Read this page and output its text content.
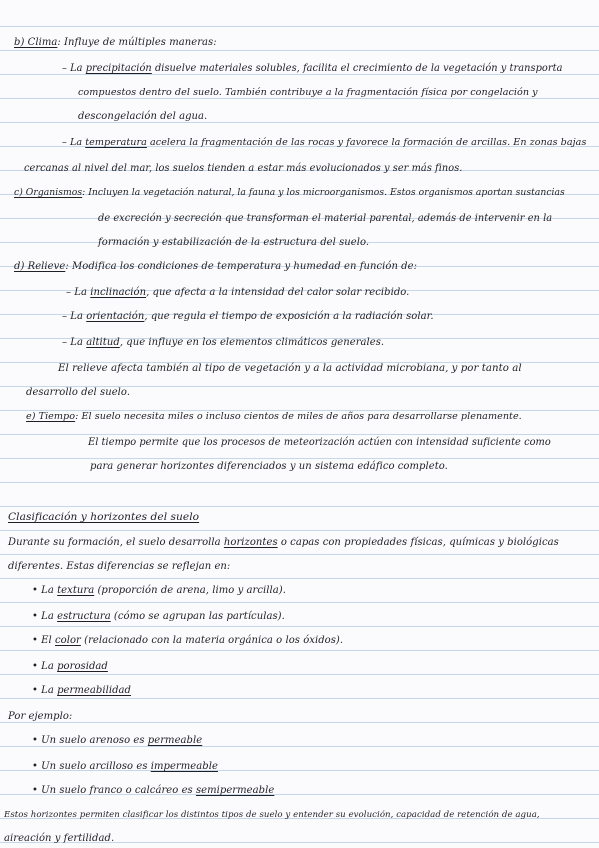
b) Clima: Influye de múltiples maneras:
– La precipitación disuelve materiales solubles, facilita el crecimiento de la vegetación y transporta
compuestos dentro del suelo. También contribuye a la fragmentación física por congelación y
descongelación del agua.
– La temperatura acelera la fragmentación de las rocas y favorece la formación de arcillas. En zonas bajas
cercanas al nivel del mar, los suelos tienden a estar más evolucionados y ser más finos.
c) Organismos: Incluyen la vegetación natural, la fauna y los microorganismos. Estos organismos aportan sustancias
de excreción y secreción que transforman el material parental, además de intervenir en la
formación y estabilización de la estructura del suelo.
d) Relieve: Modifica los condiciones de temperatura y humedad en función de:
– La inclinación, que afecta a la intensidad del calor solar recibido.
– La orientación, que regula el tiempo de exposición a la radiación solar.
– La altitud, que influye en los elementos climáticos generales.
El relieve afecta también al tipo de vegetación y a la actividad microbiana, y por tanto al
desarrollo del suelo.
e) Tiempo: El suelo necesita miles o incluso cientos de miles de años para desarrollarse plenamente.
El tiempo permite que los procesos de meteorización actúen con intensidad suficiente como
para generar horizontes diferenciados y un sistema edáfico completo.
Clasificación y horizontes del suelo
Durante su formación, el suelo desarrolla horizontes o capas con propiedades físicas, químicas y biológicas
diferentes. Estas diferencias se reflejan en:
• La textura (proporción de arena, limo y arcilla).
• La estructura (cómo se agrupan las partículas).
• El color (relacionado con la materia orgánica o los óxidos).
• La porosidad
• La permeabilidad
Por ejemplo:
• Un suelo arenoso es permeable
• Un suelo arcilloso es impermeable
• Un suelo franco o calcáreo es semipermeable
Estos horizontes permiten clasificar los distintos tipos de suelo y entender su evolución, capacidad de retención de agua,
aireación y fertilidad.
